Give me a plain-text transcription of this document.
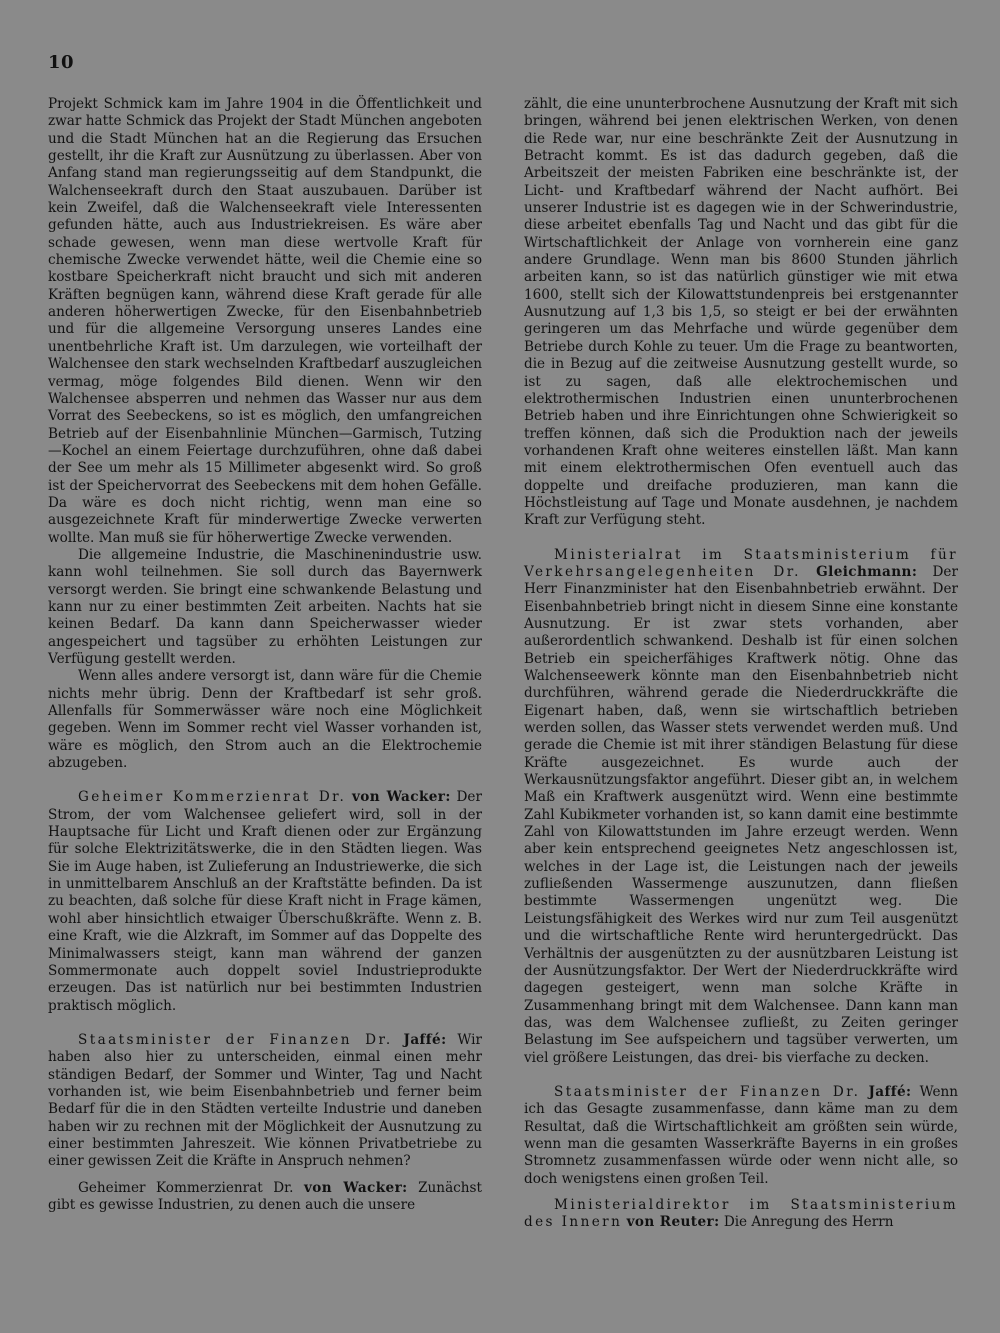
10

Projekt Schmick kam im Jahre 1904 in die Öffentlichkeit und zwar hatte Schmick das Projekt der Stadt München angeboten und die Stadt München hat an die Regierung das Ersuchen gestellt, ihr die Kraft zur Ausnützung zu überlassen. Aber von Anfang stand man regierungsseitig auf dem Standpunkt, die Walchenseekraft durch den Staat auszubauen. Darüber ist kein Zweifel, daß die Walchenseekraft viele Interessenten gefunden hätte, auch aus Industriekreisen. Es wäre aber schade gewesen, wenn man diese wertvolle Kraft für chemische Zwecke verwendet hätte, weil die Chemie eine so kostbare Speicherkraft nicht braucht und sich mit anderen Kräften begnügen kann, während diese Kraft gerade für alle anderen höherwertigen Zwecke, für den Eisenbahnbetrieb und für die allgemeine Versorgung unseres Landes eine unentbehrliche Kraft ist. Um darzulegen, wie vorteilhaft der Walchensee den stark wechselnden Kraftbedarf auszugleichen vermag, möge folgendes Bild dienen. Wenn wir den Walchensee absperren und nehmen das Wasser nur aus dem Vorrat des Seebeckens, so ist es möglich, den umfangreichen Betrieb auf der Eisenbahnlinie München—Garmisch, Tutzing—Kochel an einem Feiertage durchzuführen, ohne daß dabei der See um mehr als 15 Millimeter abgesenkt wird. So groß ist der Speichervorrat des Seebeckens mit dem hohen Gefälle. Da wäre es doch nicht richtig, wenn man eine so ausgezeichnete Kraft für minderwertige Zwecke verwerten wollte. Man muß sie für höherwertige Zwecke verwenden.

Die allgemeine Industrie, die Maschinenindustrie usw. kann wohl teilnehmen. Sie soll durch das Bayernwerk versorgt werden. Sie bringt eine schwankende Belastung und kann nur zu einer bestimmten Zeit arbeiten. Nachts hat sie keinen Bedarf. Da kann dann Speicherwasser wieder angespeichert und tagsüber zu erhöhten Leistungen zur Verfügung gestellt werden.

Wenn alles andere versorgt ist, dann wäre für die Chemie nichts mehr übrig. Denn der Kraftbedarf ist sehr groß. Allenfalls für Sommerwässer wäre noch eine Möglichkeit gegeben. Wenn im Sommer recht viel Wasser vorhanden ist, wäre es möglich, den Strom auch an die Elektrochemie abzugeben.

Geheimer Kommerzienrat Dr. von Wacker: Der Strom, der vom Walchensee geliefert wird, soll in der Hauptsache für Licht und Kraft dienen oder zur Ergänzung für solche Elektrizitätswerke, die in den Städten liegen. Was Sie im Auge haben, ist Zulieferung an Industriewerke, die sich in unmittelbarem Anschluß an der Kraftstätte befinden. Da ist zu beachten, daß solche für diese Kraft nicht in Frage kämen, wohl aber hinsichtlich etwaiger Überschußkräfte. Wenn z. B. eine Kraft, wie die Alzkraft, im Sommer auf das Doppelte des Minimalwassers steigt, kann man während der ganzen Sommermonate auch doppelt soviel Industrieprodukte erzeugen. Das ist natürlich nur bei bestimmten Industrien praktisch möglich.

Staatsminister der Finanzen Dr. Jaffé: Wir haben also hier zu unterscheiden, einmal einen mehr ständigen Bedarf, der Sommer und Winter, Tag und Nacht vorhanden ist, wie beim Eisenbahnbetrieb und ferner beim Bedarf für die in den Städten verteilte Industrie und daneben haben wir zu rechnen mit der Möglichkeit der Ausnutzung zu einer bestimmten Jahreszeit. Wie können Privatbetriebe zu einer gewissen Zeit die Kräfte in Anspruch nehmen?

Geheimer Kommerzienrat Dr. von Wacker: Zunächst gibt es gewisse Industrien, zu denen auch die unsere

zählt, die eine ununterbrochene Ausnutzung der Kraft mit sich bringen, während bei jenen elektrischen Werken, von denen die Rede war, nur eine beschränkte Zeit der Ausnutzung in Betracht kommt. Es ist das dadurch gegeben, daß die Arbeitszeit der meisten Fabriken eine beschränkte ist, der Licht- und Kraftbedarf während der Nacht aufhört. Bei unserer Industrie ist es dagegen wie in der Schwerindustrie, diese arbeitet ebenfalls Tag und Nacht und das gibt für die Wirtschaftlichkeit der Anlage von vornherein eine ganz andere Grundlage. Wenn man bis 8600 Stunden jährlich arbeiten kann, so ist das natürlich günstiger wie mit etwa 1600, stellt sich der Kilowattstundenpreis bei erstgenannter Ausnutzung auf 1,3 bis 1,5, so steigt er bei der erwähnten geringeren um das Mehrfache und würde gegenüber dem Betriebe durch Kohle zu teuer. Um die Frage zu beantworten, die in Bezug auf die zeitweise Ausnutzung gestellt wurde, so ist zu sagen, daß alle elektrochemischen und elektrothermischen Industrien einen ununterbrochenen Betrieb haben und ihre Einrichtungen ohne Schwierigkeit so treffen können, daß sich die Produktion nach der jeweils vorhandenen Kraft ohne weiteres einstellen läßt. Man kann mit einem elektrothermischen Ofen eventuell auch das doppelte und dreifache produzieren, man kann die Höchstleistung auf Tage und Monate ausdehnen, je nachdem Kraft zur Verfügung steht.

Ministerialrat im Staatsministerium für Verkehrsangelegenheiten Dr. Gleichmann: Der Herr Finanzminister hat den Eisenbahnbetrieb erwähnt. Der Eisenbahnbetrieb bringt nicht in diesem Sinne eine konstante Ausnutzung. Er ist zwar stets vorhanden, aber außerordentlich schwankend. Deshalb ist für einen solchen Betrieb ein speicherfähiges Kraftwerk nötig. Ohne das Walchenseewerk könnte man den Eisenbahnbetrieb nicht durchführen, während gerade die Niederdruckkräfte die Eigenart haben, daß, wenn sie wirtschaftlich betrieben werden sollen, das Wasser stets verwendet werden muß. Und gerade die Chemie ist mit ihrer ständigen Belastung für diese Kräfte ausgezeichnet. Es wurde auch der Werkausnützungsfaktor angeführt. Dieser gibt an, in welchem Maß ein Kraftwerk ausgenützt wird. Wenn eine bestimmte Zahl Kubikmeter vorhanden ist, so kann damit eine bestimmte Zahl von Kilowattstunden im Jahre erzeugt werden. Wenn aber kein entsprechend geeignetes Netz angeschlossen ist, welches in der Lage ist, die Leistungen nach der jeweils zufließenden Wassermenge auszunutzen, dann fließen bestimmte Wassermengen ungenützt weg. Die Leistungsfähigkeit des Werkes wird nur zum Teil ausgenützt und die wirtschaftliche Rente wird heruntergedrückt. Das Verhältnis der ausgenützten zu der ausnützbaren Leistung ist der Ausnützungsfaktor. Der Wert der Niederdruckkräfte wird dagegen gesteigert, wenn man solche Kräfte in Zusammenhang bringt mit dem Walchensee. Dann kann man das, was dem Walchensee zufließt, zu Zeiten geringer Belastung im See aufspeichern und tagsüber verwerten, um viel größere Leistungen, das drei- bis vierfache zu decken.

Staatsminister der Finanzen Dr. Jaffé: Wenn ich das Gesagte zusammenfasse, dann käme man zu dem Resultat, daß die Wirtschaftlichkeit am größten sein würde, wenn man die gesamten Wasserkräfte Bayerns in ein großes Stromnetz zusammenfassen würde oder wenn nicht alle, so doch wenigstens einen großen Teil.

Ministerialdirektor im Staatsministerium des Innern von Reuter: Die Anregung des Herrn
